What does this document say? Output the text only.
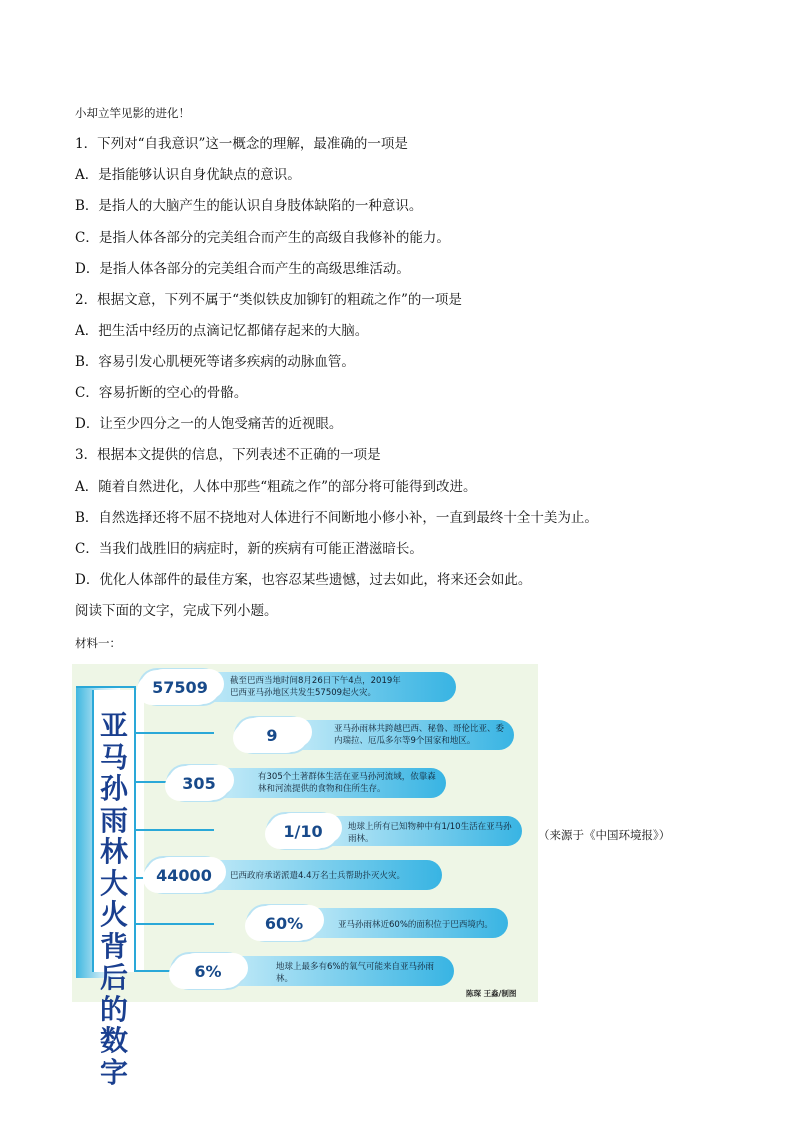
小却立竿见影的进化！
1．下列对“自我意识”这一概念的理解，最准确的一项是
A．是指能够认识自身优缺点的意识。
B．是指人的大脑产生的能认识自身肢体缺陷的一种意识。
C．是指人体各部分的完美组合而产生的高级自我修补的能力。
D．是指人体各部分的完美组合而产生的高级思维活动。
2．根据文意，下列不属于“类似铁皮加铆钉的粗疏之作”的一项是
A．把生活中经历的点滴记忆都储存起来的大脑。
B．容易引发心肌梗死等诸多疾病的动脉血管。
C．容易折断的空心的骨骼。
D．让至少四分之一的人饱受痛苦的近视眼。
3．根据本文提供的信息，下列表述不正确的一项是
A．随着自然进化，人体中那些“粗疏之作”的部分将可能得到改进。
B．自然选择还将不屈不挠地对人体进行不间断地小修小补，一直到最终十全十美为止。
C．当我们战胜旧的病症时，新的疾病有可能正潜滋暗长。
D．优化人体部件的最佳方案，也容忍某些遗憾，过去如此，将来还会如此。
阅读下面的文字，完成下列小题。
材料一：
亚马孙雨林大火背后的数字
57509	截至巴西当地时间8月26日下午4点，2019年巴西亚马孙地区共发生57509起火灾。
9	亚马孙雨林共跨越巴西、秘鲁、哥伦比亚、委内瑞拉、厄瓜多尔等9个国家和地区。
305	有305个土著群体生活在亚马孙河流域，依靠森林和河流提供的食物和住所生存。
1/10	地球上所有已知物种中有1/10生活在亚马孙雨林。
44000	巴西政府承诺派遣4.4万名士兵帮助扑灭火灾。
60%	亚马孙雨林近60%的面积位于巴西境内。
6%	地球上最多有6%的氧气可能来自亚马孙雨林。
陈琛 王淼/制图
（来源于《中国环境报》）
